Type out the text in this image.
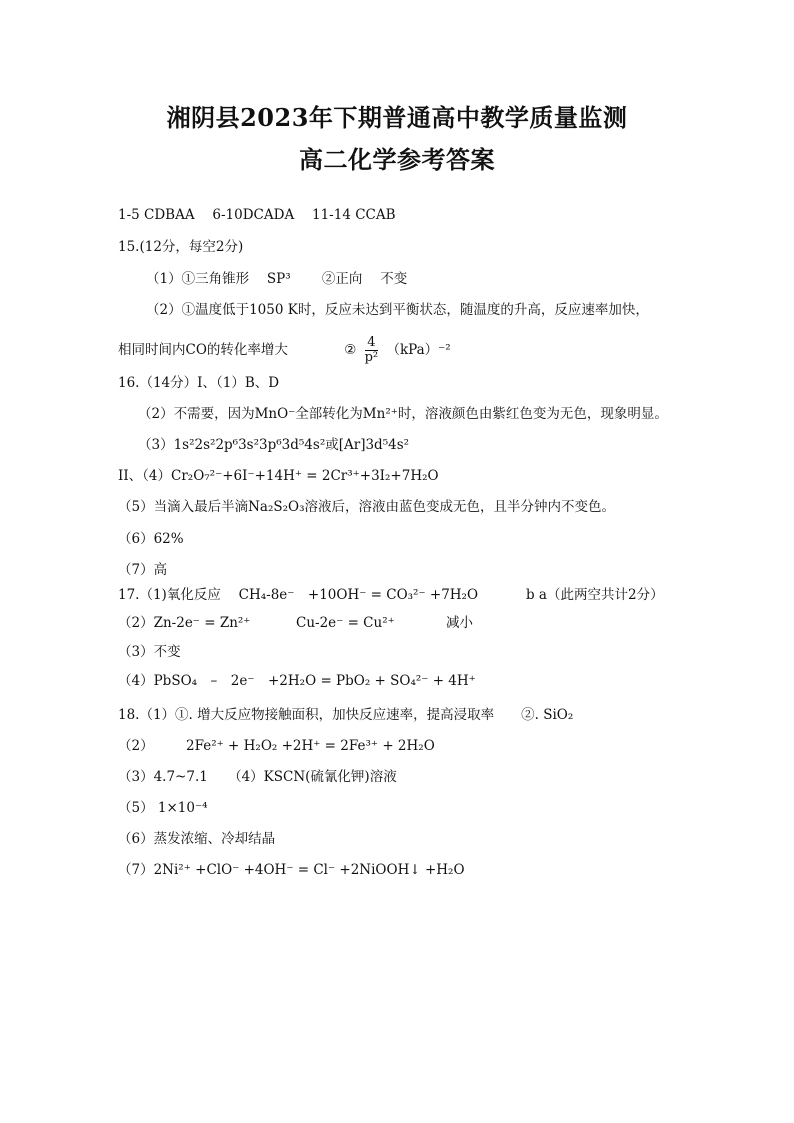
湘阴县2023年下期普通高中教学质量监测
高二化学参考答案
1-5 CDBAA　 6-10DCADA　 11-14 CCAB
15.(12分，每空2分)
（1）①三角锥形　 SP³　　 ②正向　 不变
（2）①温度低于1050 K时，反应未达到平衡状态，随温度的升高，反应速率加快，
相同时间内CO的转化率增大	② $\frac{4}{\text{p²}} (kPa)^{-2}$
16.（14分）I、（1）B、D
（2）不需要，因为MnO⁻全部转化为Mn²⁺时，溶液颜色由紫红色变为无色，现象明显。
（3）1s²2s²2p⁶3s²3p⁶3d⁵4s²或[Ar]3d⁵4s²
II、（4）Cr₂O₇²⁻+6I⁻+14H⁺ = 2Cr³⁺+3I₂+7H₂O
（5）当滴入最后半滴Na₂S₂O₃溶液后，溶液由蓝色变成无色，且半分钟内不变色。
（6）62%
（7）高
17.（1)氧化反应　 CH₄-8e⁻　+10OH⁻ = CO₃²⁻ +7H₂O	b a（此两空共计2分）
（2）Zn-2e⁻ = Zn²⁺	Cu-2e⁻ = Cu²⁺	减小
（3）不变
（4）PbSO₄　–　2e⁻　+2H₂O = PbO₂ + SO₄²⁻ + 4H⁺
18.（1）①. 增大反应物接触面积，加快反应速率，提高浸取率　　②. SiO₂
（2） 2Fe²⁺ + H₂O₂ +2H⁺ = 2Fe³⁺ + 2H₂O
（3）4.7~7.1　　（4）KSCN(硫氰化钾)溶液
（5） 1×10⁻⁴
（6）蒸发浓缩、冷却结晶
（7）2Ni²⁺ +ClO⁻ +4OH⁻ = Cl⁻ +2NiOOH↓ +H₂O
